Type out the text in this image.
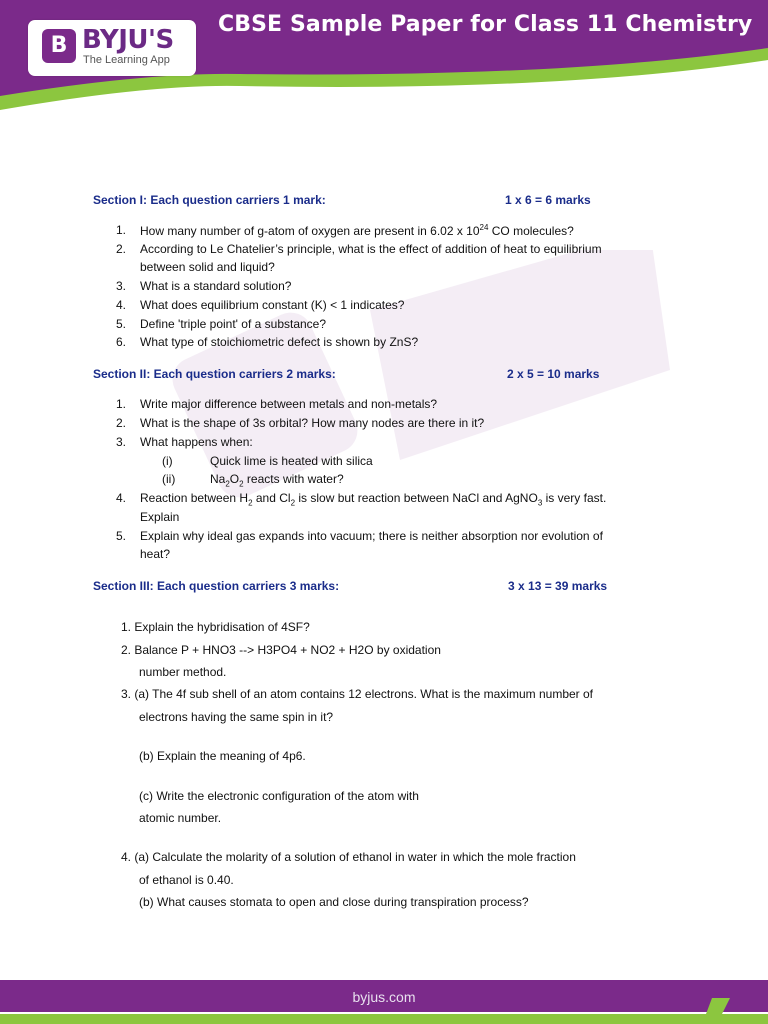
CBSE Sample Paper for Class 11 Chemistry
B BYJU'S
The Learning App
Section I: Each question carriers 1 mark:	1 x 6 = 6 marks
1. How many number of g-atom of oxygen are present in 6.02 x $10^{24}$ CO molecules?
2. According to Le Chatelier’s principle, what is the effect of addition of heat to equilibrium
between solid and liquid?
3. What is a standard solution?
4. What does equilibrium constant (K) < 1 indicates?
5. Define 'triple point' of a substance?
6. What type of stoichiometric defect is shown by ZnS?
Section II: Each question carriers 2 marks:	2 x 5 = 10 marks
1. Write major difference between metals and non-metals?
2. What is the shape of 3s orbital? How many nodes are there in it?
3. What happens when:
(i)	Quick lime is heated with silica
(ii)	$Na_2O_2$ reacts with water?
4. Reaction between $H_2$ and $Cl_2$ is slow but reaction between NaCl and AgNO$_3$ is very fast.
Explain
5. Explain why ideal gas expands into vacuum; there is neither absorption nor evolution of
heat?
Section III: Each question carriers 3 marks:	3 x 13 = 39 marks
1. Explain the hybridisation of 4SF?
2. Balance P + HNO3 --> H3PO4 + NO2 + H2O by oxidation
number method.
3. (a) The 4f sub shell of an atom contains 12 electrons. What is the maximum number of
electrons having the same spin in it?
(b) Explain the meaning of 4p6.
(c) Write the electronic configuration of the atom with
atomic number.
4. (a) Calculate the molarity of a solution of ethanol in water in which the mole fraction
of ethanol is 0.40.
(b) What causes stomata to open and close during transpiration process?
byjus.com
